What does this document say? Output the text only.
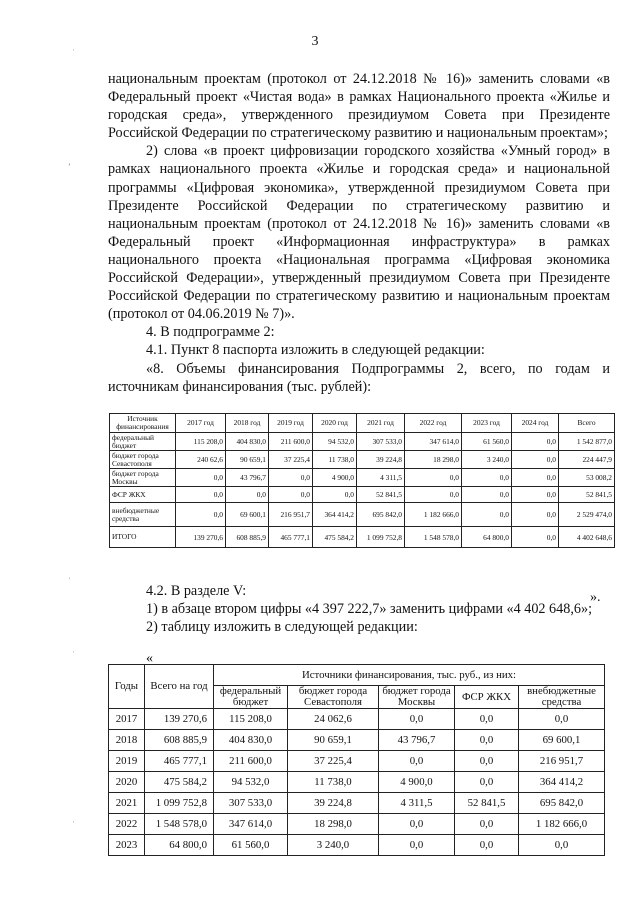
3

национальным проектам (протокол от 24.12.2018 № 16)» заменить словами «в Федеральный проект «Чистая вода» в рамках Национального проекта «Жилье и городская среда», утвержденного президиумом Совета при Президенте Российской Федерации по стратегическому развитию и национальным проектам»;

2) слова «в проект цифровизации городского хозяйства «Умный город» в рамках национального проекта «Жилье и городская среда» и национальной программы «Цифровая экономика», утвержденной президиумом Совета при Президенте Российской Федерации по стратегическому развитию и национальным проектам (протокол от 24.12.2018 № 16)» заменить словами «в Федеральный проект «Информационная инфраструктура» в рамках национального проекта «Национальная программа «Цифровая экономика Российской Федерации», утвержденный президиумом Совета при Президенте Российской Федерации по стратегическому развитию и национальным проектам (протокол от 04.06.2019 № 7)».

4. В подпрограмме 2:

4.1. Пункт 8 паспорта изложить в следующей редакции:

«8. Объемы финансирования Подпрограммы 2, всего, по годам и источникам финансирования (тыс. рублей):

Источник финансирования	2017 год	2018 год	2019 год	2020 год	2021 год	2022 год	2023 год	2024 год	Всего
федеральный бюджет	115 208,0	404 830,0	211 600,0	94 532,0	307 533,0	347 614,0	61 560,0	0,0	1 542 877,0
бюджет города Севастополя	240 62,6	90 659,1	37 225,4	11 738,0	39 224,8	18 298,0	3 240,0	0,0	224 447,9
бюджет города Москвы	0,0	43 796,7	0,0	4 900,0	4 311,5	0,0	0,0	0,0	53 008,2
ФСР ЖКХ	0,0	0,0	0,0	0,0	52 841,5	0,0	0,0	0,0	52 841,5
внебюджетные средства	0,0	69 600,1	216 951,7	364 414,2	695 842,0	1 182 666,0	0,0	0,0	2 529 474,0
ИТОГО	139 270,6	608 885,9	465 777,1	475 584,2	1 099 752,8	1 548 578,0	64 800,0	0,0	4 402 648,6
».

4.2. В разделе V:

1) в абзаце втором цифры «4 397 222,7» заменить цифрами «4 402 648,6»;

2) таблицу изложить в следующей редакции:

«
Годы	Всего на год	Источники финансирования, тыс. руб., из них:				
		федеральный бюджет	бюджет города Севастополя	бюджет города Москвы	ФСР ЖКХ	внебюджетные средства
2017	139 270,6	115 208,0	24 062,6	0,0	0,0	0,0
2018	608 885,9	404 830,0	90 659,1	43 796,7	0,0	69 600,1
2019	465 777,1	211 600,0	37 225,4	0,0	0,0	216 951,7
2020	475 584,2	94 532,0	11 738,0	4 900,0	0,0	364 414,2
2021	1 099 752,8	307 533,0	39 224,8	4 311,5	52 841,5	695 842,0
2022	1 548 578,0	347 614,0	18 298,0	0,0	0,0	1 182 666,0
2023	64 800,0	61 560,0	3 240,0	0,0	0,0	0,0
ˈ
ʼ
ˌ
ˈ
ˈ
